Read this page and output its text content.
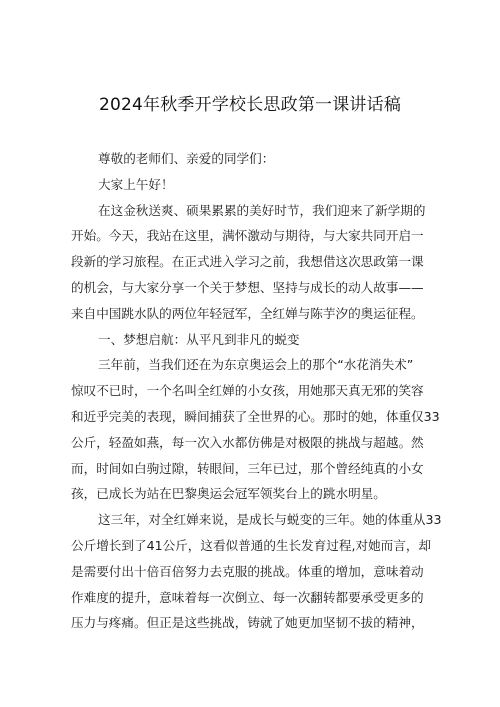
2024年秋季开学校长思政第一课讲话稿
尊敬的老师们、亲爱的同学们：
大家上午好！
在这金秋送爽、硕果累累的美好时节，我们迎来了新学期的
开始。今天，我站在这里，满怀激动与期待，与大家共同开启一
段新的学习旅程。在正式进入学习之前，我想借这次思政第一课
的机会，与大家分享一个关于梦想、坚持与成长的动人故事——
来自中国跳水队的两位年轻冠军，全红婵与陈芋汐的奥运征程。
一、梦想启航：从平凡到非凡的蜕变
三年前，当我们还在为东京奥运会上的那个“水花消失术”
惊叹不已时，一个名叫全红婵的小女孩，用她那天真无邪的笑容
和近乎完美的表现，瞬间捕获了全世界的心。那时的她，体重仅33
公斤，轻盈如燕，每一次入水都仿佛是对极限的挑战与超越。然
而，时间如白驹过隙，转眼间，三年已过，那个曾经纯真的小女
孩，已成长为站在巴黎奥运会冠军领奖台上的跳水明星。
这三年，对全红婵来说，是成长与蜕变的三年。她的体重从33
公斤增长到了41公斤，这看似普通的生长发育过程,对她而言，却
是需要付出十倍百倍努力去克服的挑战。体重的增加，意味着动
作难度的提升，意味着每一次倒立、每一次翻转都要承受更多的
压力与疼痛。但正是这些挑战，铸就了她更加坚韧不拔的精神，
